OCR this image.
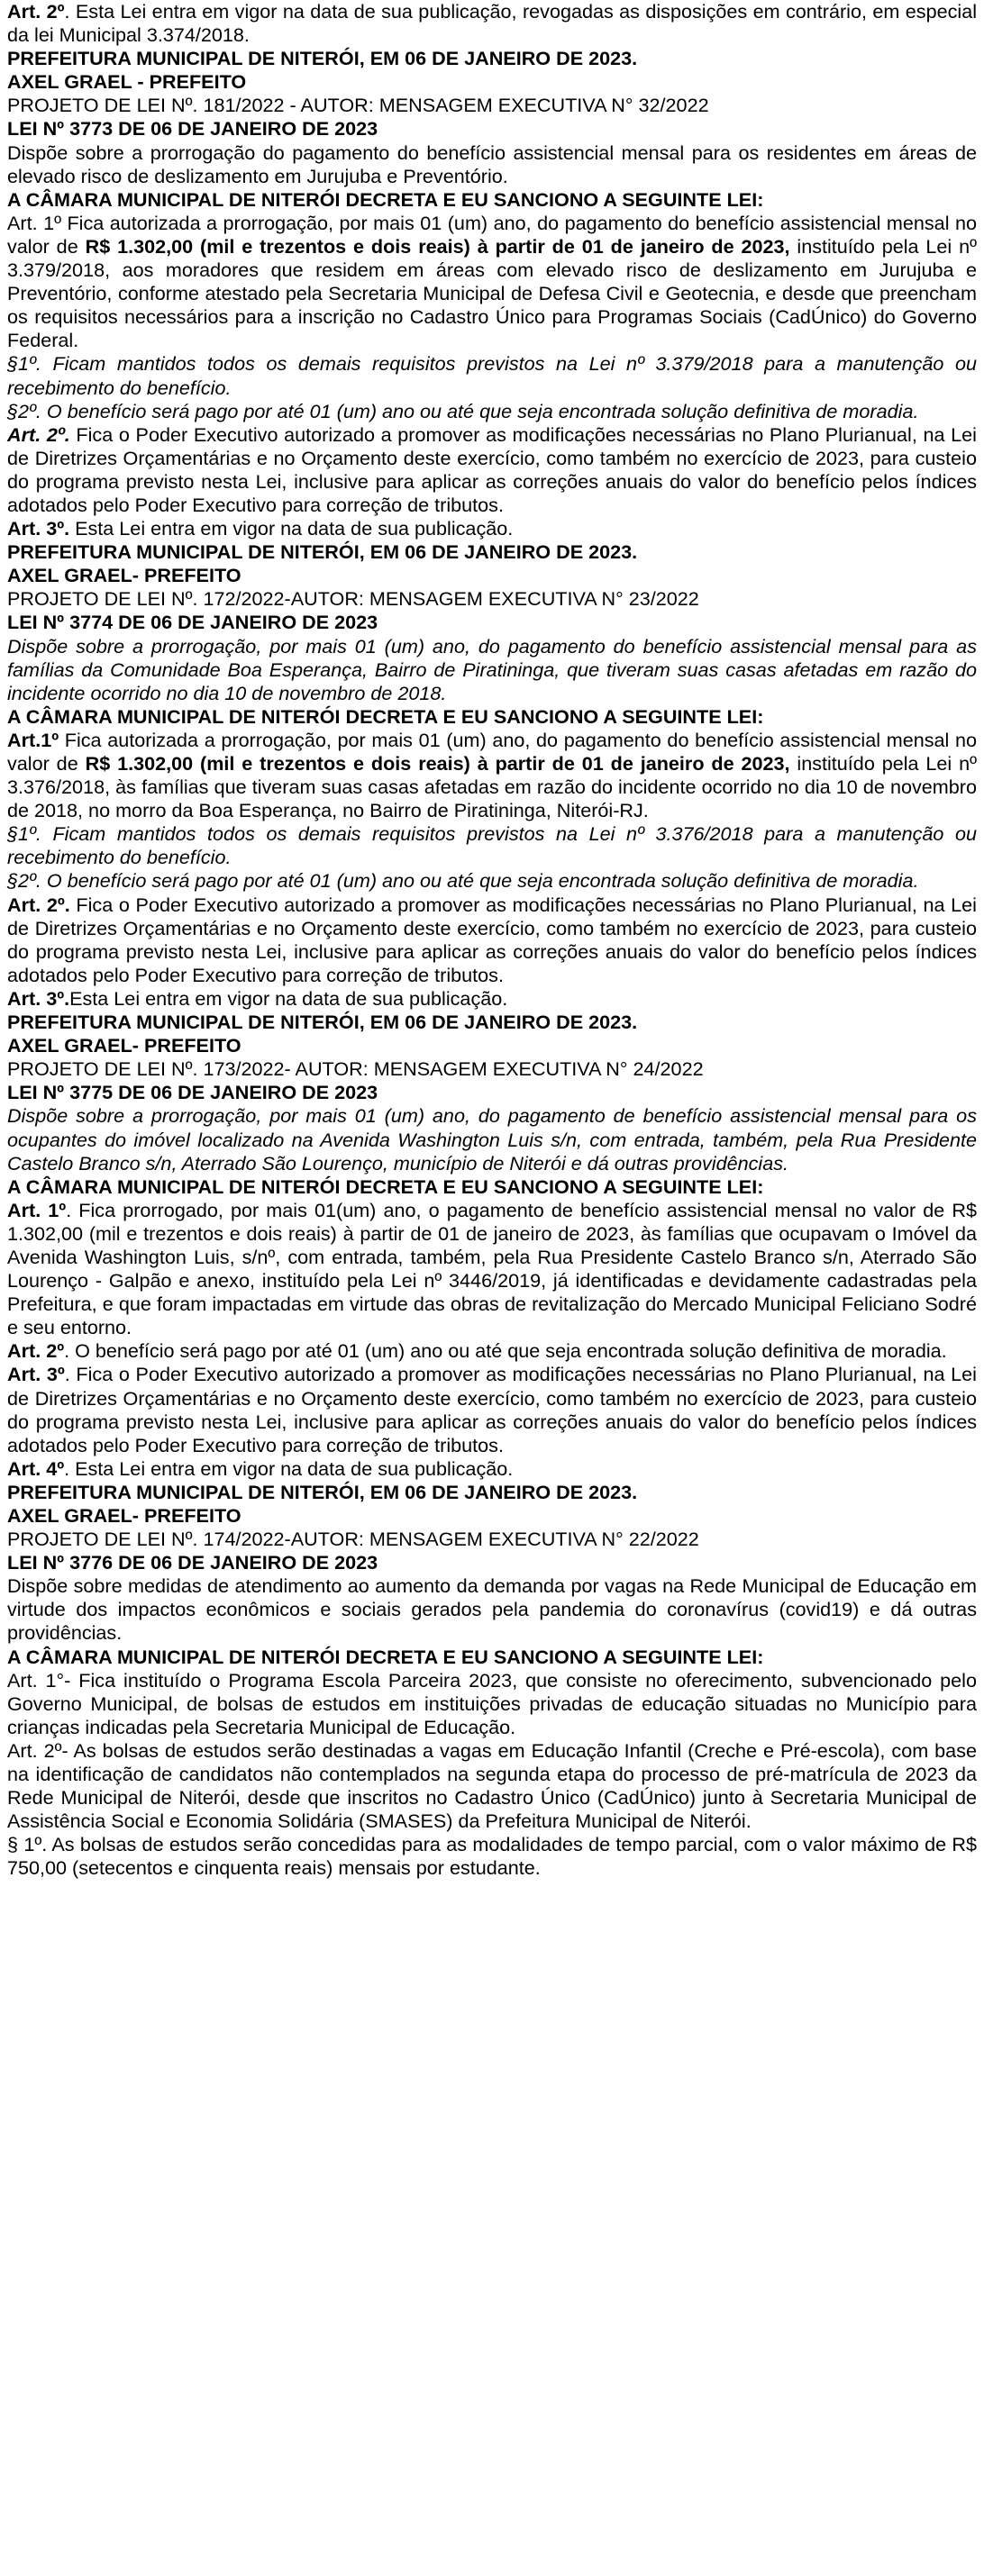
Art. 2º. Esta Lei entra em vigor na data de sua publicação, revogadas as disposições em contrário, em especial da lei Municipal 3.374/2018.

PREFEITURA MUNICIPAL DE NITERÓI, EM 06 DE JANEIRO DE 2023.

AXEL GRAEL - PREFEITO

PROJETO DE LEI Nº. 181/2022 - AUTOR: MENSAGEM EXECUTIVA N° 32/2022

LEI Nº 3773 DE 06 DE JANEIRO DE 2023

Dispõe sobre a prorrogação do pagamento do benefício assistencial mensal para os residentes em áreas de elevado risco de deslizamento em Jurujuba e Preventório.

A CÂMARA MUNICIPAL DE NITERÓI DECRETA E EU SANCIONO A SEGUINTE LEI:

Art. 1º Fica autorizada a prorrogação, por mais 01 (um) ano, do pagamento do benefício assistencial mensal no valor de R$ 1.302,00 (mil e trezentos e dois reais) à partir de 01 de janeiro de 2023, instituído pela Lei nº 3.379/2018, aos moradores que residem em áreas com elevado risco de deslizamento em Jurujuba e Preventório, conforme atestado pela Secretaria Municipal de Defesa Civil e Geotecnia, e desde que preencham os requisitos necessários para a inscrição no Cadastro Único para Programas Sociais (CadÚnico) do Governo Federal.

§1º. Ficam mantidos todos os demais requisitos previstos na Lei nº 3.379/2018 para a manutenção ou recebimento do benefício.

§2º. O benefício será pago por até 01 (um) ano ou até que seja encontrada solução definitiva de moradia.

Art. 2º. Fica o Poder Executivo autorizado a promover as modificações necessárias no Plano Plurianual, na Lei de Diretrizes Orçamentárias e no Orçamento deste exercício, como também no exercício de 2023, para custeio do programa previsto nesta Lei, inclusive para aplicar as correções anuais do valor do benefício pelos índices adotados pelo Poder Executivo para correção de tributos.

Art. 3º. Esta Lei entra em vigor na data de sua publicação.

PREFEITURA MUNICIPAL DE NITERÓI, EM 06 DE JANEIRO DE 2023.

AXEL GRAEL- PREFEITO

PROJETO DE LEI Nº. 172/2022-AUTOR: MENSAGEM EXECUTIVA N° 23/2022

LEI Nº 3774 DE 06 DE JANEIRO DE 2023

Dispõe sobre a prorrogação, por mais 01 (um) ano, do pagamento do benefício assistencial mensal para as famílias da Comunidade Boa Esperança, Bairro de Piratininga, que tiveram suas casas afetadas em razão do incidente ocorrido no dia 10 de novembro de 2018.

A CÂMARA MUNICIPAL DE NITERÓI DECRETA E EU SANCIONO A SEGUINTE LEI:

Art.1º Fica autorizada a prorrogação, por mais 01 (um) ano, do pagamento do benefício assistencial mensal no valor de R$ 1.302,00 (mil e trezentos e dois reais) à partir de 01 de janeiro de 2023, instituído pela Lei nº 3.376/2018, às famílias que tiveram suas casas afetadas em razão do incidente ocorrido no dia 10 de novembro de 2018, no morro da Boa Esperança, no Bairro de Piratininga, Niterói-RJ.

§1º. Ficam mantidos todos os demais requisitos previstos na Lei nº 3.376/2018 para a manutenção ou recebimento do benefício.

§2º. O benefício será pago por até 01 (um) ano ou até que seja encontrada solução definitiva de moradia.

Art. 2º. Fica o Poder Executivo autorizado a promover as modificações necessárias no Plano Plurianual, na Lei de Diretrizes Orçamentárias e no Orçamento deste exercício, como também no exercício de 2023, para custeio do programa previsto nesta Lei, inclusive para aplicar as correções anuais do valor do benefício pelos índices adotados pelo Poder Executivo para correção de tributos.

Art. 3º.Esta Lei entra em vigor na data de sua publicação.

PREFEITURA MUNICIPAL DE NITERÓI, EM 06 DE JANEIRO DE 2023.

AXEL GRAEL- PREFEITO

PROJETO DE LEI Nº. 173/2022- AUTOR: MENSAGEM EXECUTIVA N° 24/2022

LEI Nº 3775 DE 06 DE JANEIRO DE 2023

Dispõe sobre a prorrogação, por mais 01 (um) ano, do pagamento de benefício assistencial mensal para os ocupantes do imóvel localizado na Avenida Washington Luis s/n, com entrada, também, pela Rua Presidente Castelo Branco s/n, Aterrado São Lourenço, município de Niterói e dá outras providências.

A CÂMARA MUNICIPAL DE NITERÓI DECRETA E EU SANCIONO A SEGUINTE LEI:

Art. 1º. Fica prorrogado, por mais 01(um) ano, o pagamento de benefício assistencial mensal no valor de R$ 1.302,00 (mil e trezentos e dois reais) à partir de 01 de janeiro de 2023, às famílias que ocupavam o Imóvel da Avenida Washington Luis, s/nº, com entrada, também, pela Rua Presidente Castelo Branco s/n, Aterrado São Lourenço - Galpão e anexo, instituído pela Lei nº 3446/2019, já identificadas e devidamente cadastradas pela Prefeitura, e que foram impactadas em virtude das obras de revitalização do Mercado Municipal Feliciano Sodré e seu entorno.

Art. 2º. O benefício será pago por até 01 (um) ano ou até que seja encontrada solução definitiva de moradia.

Art. 3º. Fica o Poder Executivo autorizado a promover as modificações necessárias no Plano Plurianual, na Lei de Diretrizes Orçamentárias e no Orçamento deste exercício, como também no exercício de 2023, para custeio do programa previsto nesta Lei, inclusive para aplicar as correções anuais do valor do benefício pelos índices adotados pelo Poder Executivo para correção de tributos.

Art. 4º. Esta Lei entra em vigor na data de sua publicação.

PREFEITURA MUNICIPAL DE NITERÓI, EM 06 DE JANEIRO DE 2023.

AXEL GRAEL- PREFEITO

PROJETO DE LEI Nº. 174/2022-AUTOR: MENSAGEM EXECUTIVA N° 22/2022

LEI Nº 3776 DE 06 DE JANEIRO DE 2023

Dispõe sobre medidas de atendimento ao aumento da demanda por vagas na Rede Municipal de Educação em virtude dos impactos econômicos e sociais gerados pela pandemia do coronavírus (covid19) e dá outras providências.

A CÂMARA MUNICIPAL DE NITERÓI DECRETA E EU SANCIONO A SEGUINTE LEI:

Art. 1°- Fica instituído o Programa Escola Parceira 2023, que consiste no oferecimento, subvencionado pelo Governo Municipal, de bolsas de estudos em instituições privadas de educação situadas no Município para crianças indicadas pela Secretaria Municipal de Educação.

Art. 2º- As bolsas de estudos serão destinadas a vagas em Educação Infantil (Creche e Pré-escola), com base na identificação de candidatos não contemplados na segunda etapa do processo de pré-matrícula de 2023 da Rede Municipal de Niterói, desde que inscritos no Cadastro Único (CadÚnico) junto à Secretaria Municipal de Assistência Social e Economia Solidária (SMASES) da Prefeitura Municipal de Niterói.

§ 1º. As bolsas de estudos serão concedidas para as modalidades de tempo parcial, com o valor máximo de R$ 750,00 (setecentos e cinquenta reais) mensais por estudante.
